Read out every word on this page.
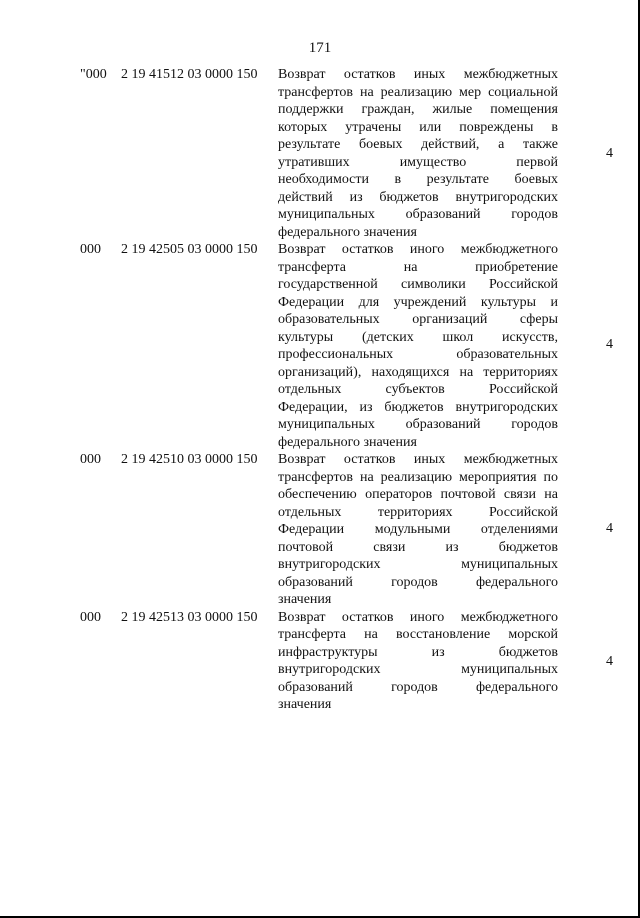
171
"000 2 19 41512 03 0000 150 Возврат остатков иных межбюджетных
трансфертов на реализацию мер социальной
поддержки граждан, жилые помещения
которых утрачены или повреждены в
результате боевых действий, а также
утративших имущество первой
необходимости в результате боевых
действий из бюджетов внутригородских
муниципальных образований городов
федерального значения
4
000 2 19 42505 03 0000 150 Возврат остатков иного межбюджетного
трансферта на приобретение
государственной символики Российской
Федерации для учреждений культуры и
образовательных организаций сферы
культуры (детских школ искусств,
профессиональных образовательных
организаций), находящихся на территориях
отдельных субъектов Российской
Федерации, из бюджетов внутригородских
муниципальных образований городов
федерального значения
4
000 2 19 42510 03 0000 150 Возврат остатков иных межбюджетных
трансфертов на реализацию мероприятия по
обеспечению операторов почтовой связи на
отдельных территориях Российской
Федерации модульными отделениями
почтовой связи из бюджетов
внутригородских муниципальных
образований городов федерального
значения
4
000 2 19 42513 03 0000 150 Возврат остатков иного межбюджетного
трансферта на восстановление морской
инфраструктуры из бюджетов
внутригородских муниципальных
образований городов федерального
значения
4
